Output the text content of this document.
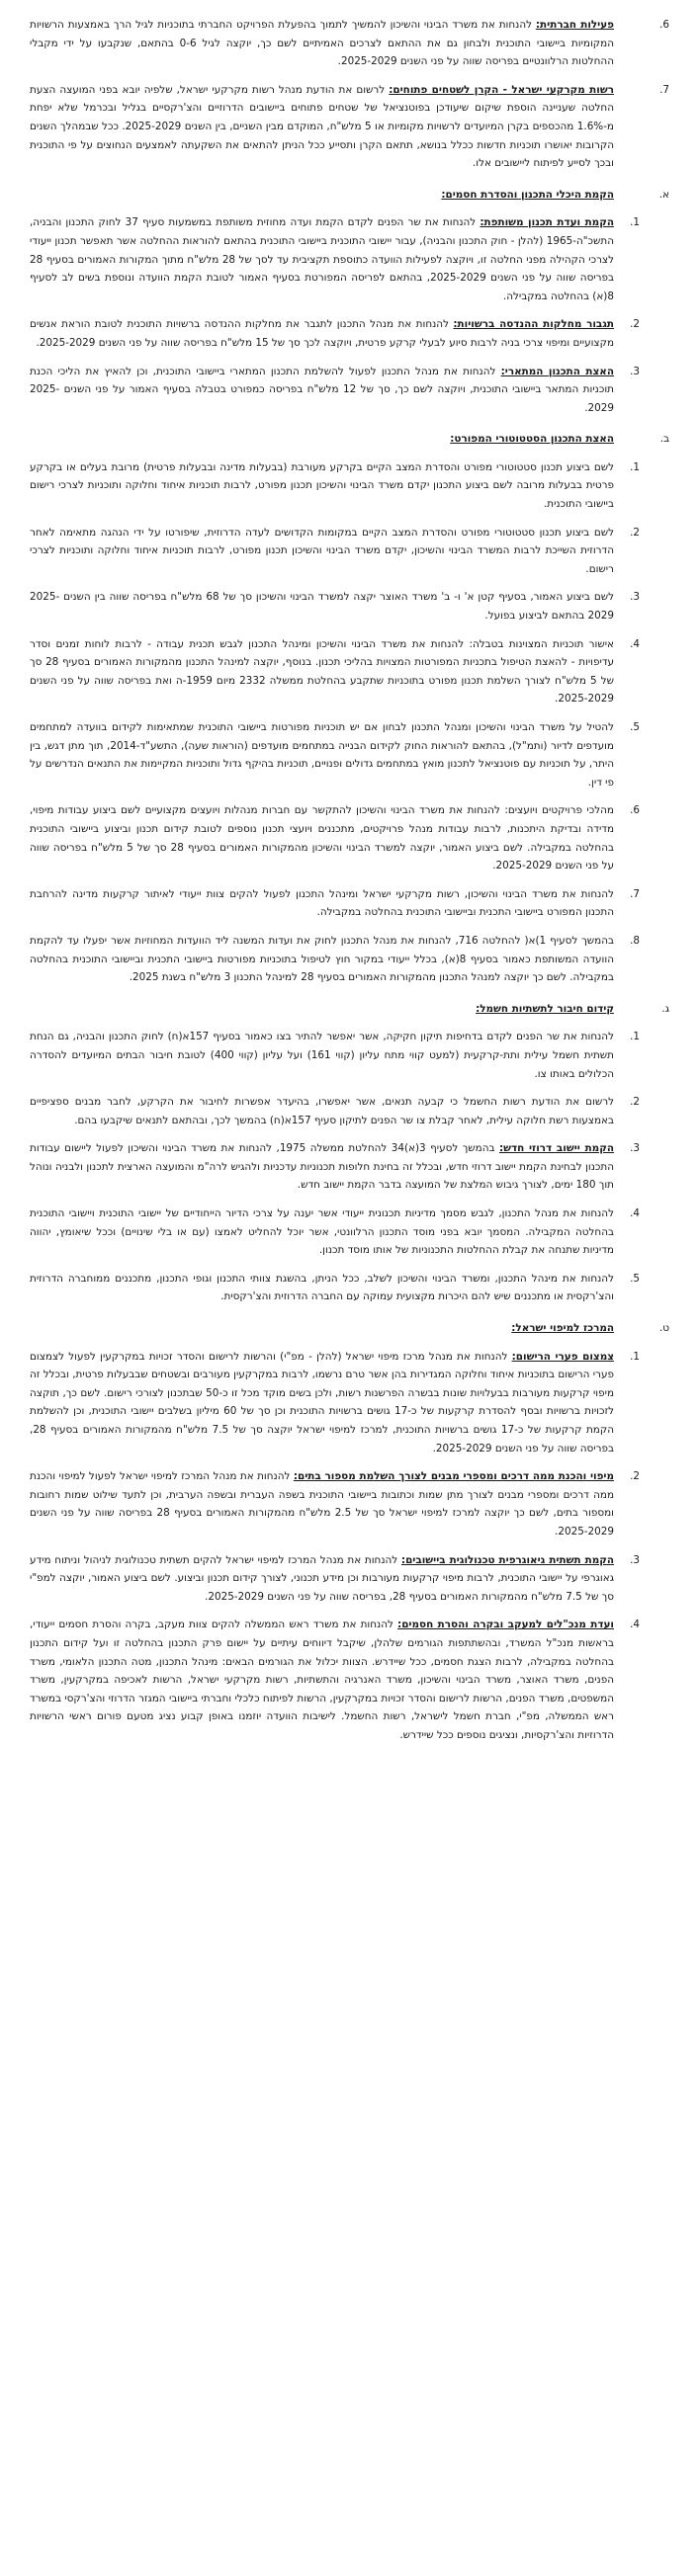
6.
פעילות חברתית: להנחות את משרד הבינוי והשיכון להמשיך לתמוך בהפעלת הפרויקט החברתי בתוכניות לגיל הרך באמצעות הרשויות המקומיות ביישובי התוכנית ולבחון גם את ההתאם לצרכים האמיתיים לשם כך, יוקצה לגיל 0-6 בהתאם, שנקבעו על ידי מקבלי ההחלטות הרלוונטיים בפריסה שווה על פני השנים 2025-2029.
7.
רשות מקרקעי ישראל - הקרן לשטחים פתוחים: לרשום את הודעת מנהל רשות מקרקעי ישראל, שלפיה יובא בפני המועצה הצעת החלטה שעניינה הוספת שיקום שיעודכן בפוטנציאל של שטחים פתוחים ביישובים הדרוזיים והצ'רקסיים בגליל ובכרמל שלא יפחת מ-1.6% מהכספים בקרן המיועדים לרשויות מקומיות או 5 מלש"ח, המוקדם מבין השניים, בין השנים 2025-2029. ככל שבמהלך השנים הקרובות יאושרו תוכניות חדשות ככלל בנושא, תתאם הקרן ותסייע ככל הניתן להתאים את השקעתה לאמצעים הנחוצים על פי התוכנית ובכך לסייע לפיתוח ליישובים אלו.
א.
הקמת היכלי התכנון והסדרת חסמים:
1.
הקמת ועדת תכנון משותפת: להנחות את שר הפנים לקדם הקמת ועדה מחוזית משותפת במשמעות סעיף 37 לחוק התכנון והבניה, התשכ"ה-1965 (להלן - חוק התכנון והבניה), עבור יישובי התוכנית ביישובי התוכנית בהתאם להוראות ההחלטה אשר תאפשר תכנון ייעודי לצרכי הקהילה מפני החלטה זו, ויוקצה לפעילות הוועדה כתוספת תקציבית עד לסך של 28 מלש"ח מתוך המקורות האמורים בסעיף 28 בפריסה שווה על פני השנים 2025-2029, בהתאם לפריסה המפורטת בסעיף האמור לטובת הקמת הוועדה ונוספת בשים לב לסעיף 8(א) בהחלטה במקבילה.
2.
תגבור מחלקות ההנדסה ברשויות: להנחות את מנהל התכנון לתגבר את מחלקות ההנדסה ברשויות התוכנית לטובת הוראת אנשים מקצועיים ומיפוי צרכי בניה לרבות סיוע לבעלי קרקע פרטית, ויוקצה לכך סך של 15 מלש"ח בפריסה שווה על פני השנים 2025-2029.
3.
האצת התכנון המתארי: להנחות את מנהל התכנון לפעול להשלמת התכנון המתארי ביישובי התוכנית, וכן להאיץ את הליכי הכנת תוכניות המתאר ביישובי התוכנית, ויוקצה לשם כך, סך של 12 מלש"ח בפריסה כמפורט בטבלה בסעיף האמור על פני השנים 2025-2029.
ב.
האצת התכנון הסטטוטורי המפורט:
1.
לשם ביצוע תכנון סטטוטורי מפורט והסדרת המצב הקיים בקרקע מעורבת (בבעלות מדינה ובבעלות פרטית) מרובת בעלים או בקרקע פרטית בבעלות מרובה לשם ביצוע התכנון יקדם משרד הבינוי והשיכון תכנון מפורט, לרבות תוכניות איחוד וחלוקה ותוכניות לצרכי רישום ביישובי התוכנית.
2.
לשם ביצוע תכנון סטטוטורי מפורט והסדרת המצב הקיים במקומות הקדושים לעדה הדרוזית, שיפורטו על ידי הנהגה מתאימה לאחר הדרוזית השייכת לרבות המשרד הבינוי והשיכון, יקדם משרד הבינוי והשיכון תכנון מפורט, לרבות תוכניות איחוד וחלוקה ותוכניות לצרכי רישום.
3.
לשם ביצוע האמור, בסעיף קטן א' ו- ב' משרד האוצר יקצה למשרד הבינוי והשיכון סך של 68 מלש"ח בפריסה שווה בין השנים 2025-2029 בהתאם לביצוע בפועל.
4.
אישור תוכניות המצוינות בטבלה: להנחות את משרד הבינוי והשיכון ומינהל התכנון לגבש תכנית עבודה - לרבות לוחות זמנים וסדר עדיפויות - להאצת הטיפול בתכניות המפורטות המצויות בהליכי תכנון. בנוסף, יוקצה למינהל התכנון מהמקורות האמורים בסעיף 28 סך של 5 מלש"ח לצורך השלמת תכנון מפורט בתוכניות שתקבע בהחלטת ממשלה 2332 מיום 1959-ה ואת בפריסה שווה על פני השנים 2025-2029.
5.
להטיל על משרד הבינוי והשיכון ומנהל התכנון לבחון אם יש תוכניות מפורטות ביישובי התוכנית שמתאימות לקידום בוועדה למתחמים מועדפים לדיור (ותמ"ל), בהתאם להוראות החוק לקידום הבנייה במתחמים מועדפים (הוראות שעה), התשע"ד-2014, תוך מתן דגש, בין היתר, על תוכניות עם פוטנציאל לתכנון מואץ במתחמים גדולים ופנויים, תוכניות בהיקף גדול ותוכניות המקיימות את התנאים הנדרשים על פי דין.
6.
מהלכי פרויקטים ויועצים: להנחות את משרד הבינוי והשיכון להתקשר עם חברות מנהלות ויועצים מקצועיים לשם ביצוע עבודות מיפוי, מדידה ובדיקת היתכנות, לרבות עבודות מנהל פרויקטים, מתכננים ויועצי תכנון נוספים לטובת קידום תכנון וביצוע ביישובי התוכנית בהחלטה במקבילה. לשם ביצוע האמור, יוקצה למשרד הבינוי והשיכון מהמקורות האמורים בסעיף 28 סך של 5 מלש"ח בפריסה שווה על פני השנים 2025-2029.
7.
להנחות את משרד הבינוי והשיכון, רשות מקרקעי ישראל ומינהל התכנון לפעול להקים צוות ייעודי לאיתור קרקעות מדינה להרחבת התכנון המפורט ביישובי התכנית וביישובי התוכנית בהחלטה במקבילה.
8.
בהמשך לסעיף 1)א( להחלטה 716, להנחות את מנהל התכנון לחוק את ועדות המשנה ליד הוועדות המחוזיות אשר יפעלו עד להקמת הוועדה המשותפת כאמור בסעיף 8(א), בכלל ייעודי במקור חוץ לטיפול בתוכניות מפורטות ביישובי התכנית וביישובי התוכנית בהחלטה במקבילה. לשם כך יוקצה למנהל התכנון מהמקורות האמורים בסעיף 28 למינהל התכנון 3 מלש"ח בשנת 2025.
ג.
קידום חיבור לתשתיות חשמל:
1.
להנחות את שר הפנים לקדם בדחיפות תיקון חקיקה, אשר יאפשר להתיר בצו כאמור בסעיף 157א(ח) לחוק התכנון והבניה, גם הנחת תשתית חשמל עילית ותת-קרקעית (למעט קווי מתח עליון (קווי 161) ועל עליון (קווי 400) לטובת חיבור הבתים המיועדים להסדרה הכלולים באותו צו.
2.
לרשום את הודעת רשות החשמל כי קבעה תנאים, אשר יאפשרו, בהיעדר אפשרות לחיבור את הקרקע, לחבר מבנים ספציפיים באמצעות רשת חלוקה עילית, לאחר קבלת צו שר הפנים לתיקון סעיף 157א(ח) בהמשך לכך, ובהתאם לתנאים שיקבעו בהם.
3.
הקמת יישוב דרוזי חדש: בהמשך לסעיף 3(א)34 להחלטת ממשלה 1975, להנחות את משרד הבינוי והשיכון לפעול ליישום עבודות התכנון לבחינת הקמת יישוב דרוזי חדש, ובכלל זה בחינת חלופות תכנוניות עדכניות ולהגיש לרה"מ והמועצה הארצית לתכנון ולבניה ונוהל תוך 180 ימים, לצורך גיבוש המלצת של המועצה בדבר הקמת יישוב חדש.
4.
להנחות את מנהל התכנון, לגבש מסמך מדיניות תכנונית ייעודי אשר יענה על צרכי הדיור הייחודיים של יישובי התוכנית ויישובי התוכנית בהחלטה המקבילה. המסמך יובא בפני מוסד התכנון הרלוונטי, אשר יוכל להחליט לאמצו (עם או בלי שינויים) וככל שיאומץ, יהווה מדיניות שתנחה את קבלת ההחלטות התכנוניות של אותו מוסד תכנון.
5.
להנחות את מינהל התכנון, ומשרד הבינוי והשיכון לשלב, ככל הניתן, בהשגת צוותי התכנון וגופי התכנון, מתכננים ממוחברה הדרוזית והצ'רקסית או מתכננים שיש להם היכרות מקצועית עמוקה עם החברה הדרוזית והצ'רקסית.
ט.
המרכז למיפוי ישראל:
1.
צמצום פערי הרישום: להנחות את מנהל מרכז מיפוי ישראל (להלן - מפ"י) והרשות לרישום והסדר זכויות במקרקעין לפעול לצמצום פערי הרישום בתוכניות איחוד וחלוקה המגדירות בהן אשר טרם נרשמו, לרבות במקרקעין מעורבים ובשטחים שבבעלות פרטית, ובכלל זה מיפוי קרקעות מעורבות בבעלויות שונות בבשרה הפרשנות רשות, ולכן בשים מוקד מכל זו כ-50 שבתכנון לצורכי רישום. לשם כך, תוקצה לזכויות ברשויות ובסף להסדרת קרקעות של כ-17 גושים ברשויות התוכנית וכן סך של 60 מיליון בשלבים יישובי התוכנית, וכן להשלמת הקמת קרקעות של כ-17 גושים ברשויות התוכנית, למרכז למיפוי ישראל יוקצה סך של 7.5 מלש"ח מהמקורות האמורים בסעיף 28, בפריסה שווה על פני השנים 2025-2029.
2.
מיפוי והכנת ממה דרכים ומספרי מבנים לצורך השלמת מספור בתים: להנחות את מנהל המרכז למיפוי ישראל לפעול למיפוי והכנת ממה דרכים ומספרי מבנים לצורך מתן שמות וכתובות ביישובי התוכנית בשפה העברית ובשפה הערבית, וכן לתעד שילוט שמות רחובות ומספור בתים, לשם כך יוקצה למרכז למיפוי ישראל סך של 2.5 מלש"ח מהמקורות האמורים בסעיף 28 בפריסה שווה על פני השנים 2025-2029.
3.
הקמת תשתית גיאוגרפית טכנולוגית ביישובים: להנחות את מנהל המרכז למיפוי ישראל להקים תשתית טכנולוגית לניהול וניתוח מידע גאוגרפי על יישובי התוכנית, לרבות מיפוי קרקעות מעורבות וכן מידע תכנוני, לצורך קידום תכנון וביצוע. לשם ביצוע האמור, יוקצה למפ"י סך של 7.5 מלש"ח מהמקורות האמורים בסעיף 28, בפריסה שווה על פני השנים 2025-2029.
4.
ועדת מנכ"לים למעקב ובקרה והסרת חסמים: להנחות את משרד ראש הממשלה להקים צוות מעקב, בקרה והסרת חסמים ייעודי, בראשות מנכ"ל המשרד, ובהשתתפות הגורמים שלהלן, שיקבל דיווחים עיתיים על יישום פרק התכנון בהחלטה זו ועל קידום התכנון בהחלטה במקבילה, לרבות הצגת חסמים, ככל שיידרש. הצוות יכלול את הגורמים הבאים: מינהל התכנון, מטה התכנון הלאומי, משרד הפנים, משרד האוצר, משרד הבינוי והשיכון, משרד האנרגיה והתשתיות, רשות מקרקעי ישראל, הרשות לאכיפה במקרקעין, משרד המשפטים, משרד הפנים, הרשות לרישום והסדר זכויות במקרקעין, הרשות לפיתוח כלכלי וחברתי ביישובי המגזר הדרוזי והצ'רקסי במשרד ראש הממשלה, מפ"י, חברת חשמל לישראל, רשות החשמל. לישיבות הוועדה יוזמנו באופן קבוע נציג מטעם פורום ראשי הרשויות הדרוזיות והצ'רקסיות, ונציגים נוספים ככל שיידרש.
